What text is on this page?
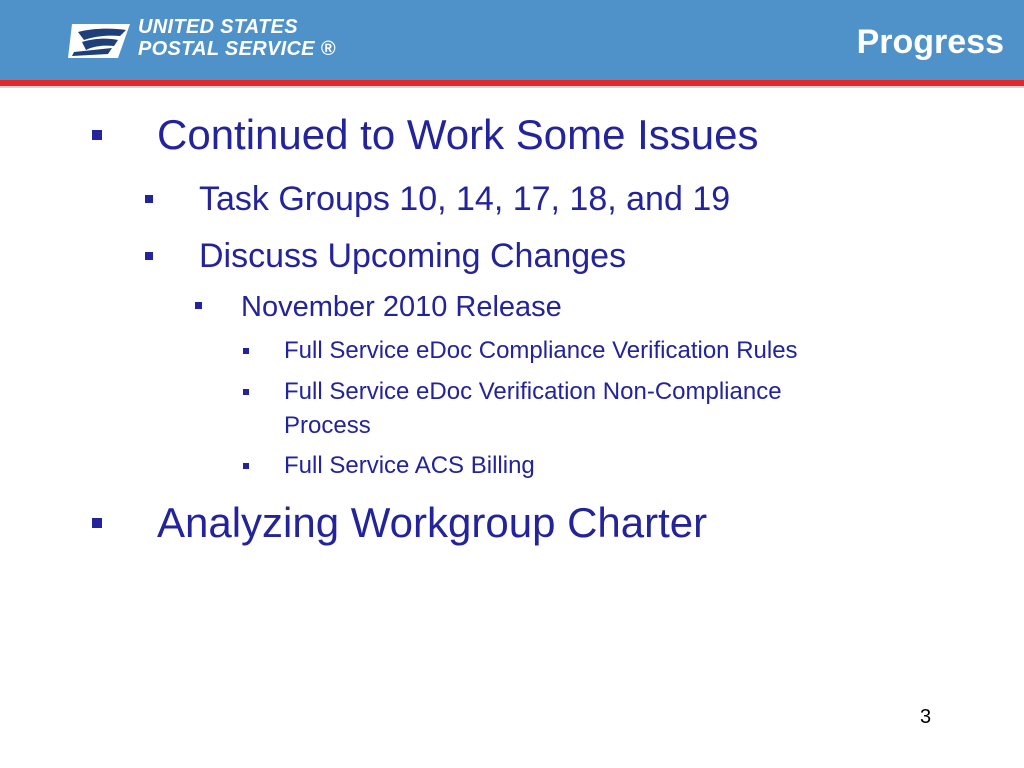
UNITED STATES
POSTAL SERVICE ®	Progress
Continued to Work Some Issues
Task Groups 10, 14, 17, 18, and 19
Discuss Upcoming Changes
November 2010 Release
Full Service eDoc Compliance Verification Rules
Full Service eDoc Verification Non-Compliance
Process
Full Service ACS Billing
Analyzing Workgroup Charter
3
